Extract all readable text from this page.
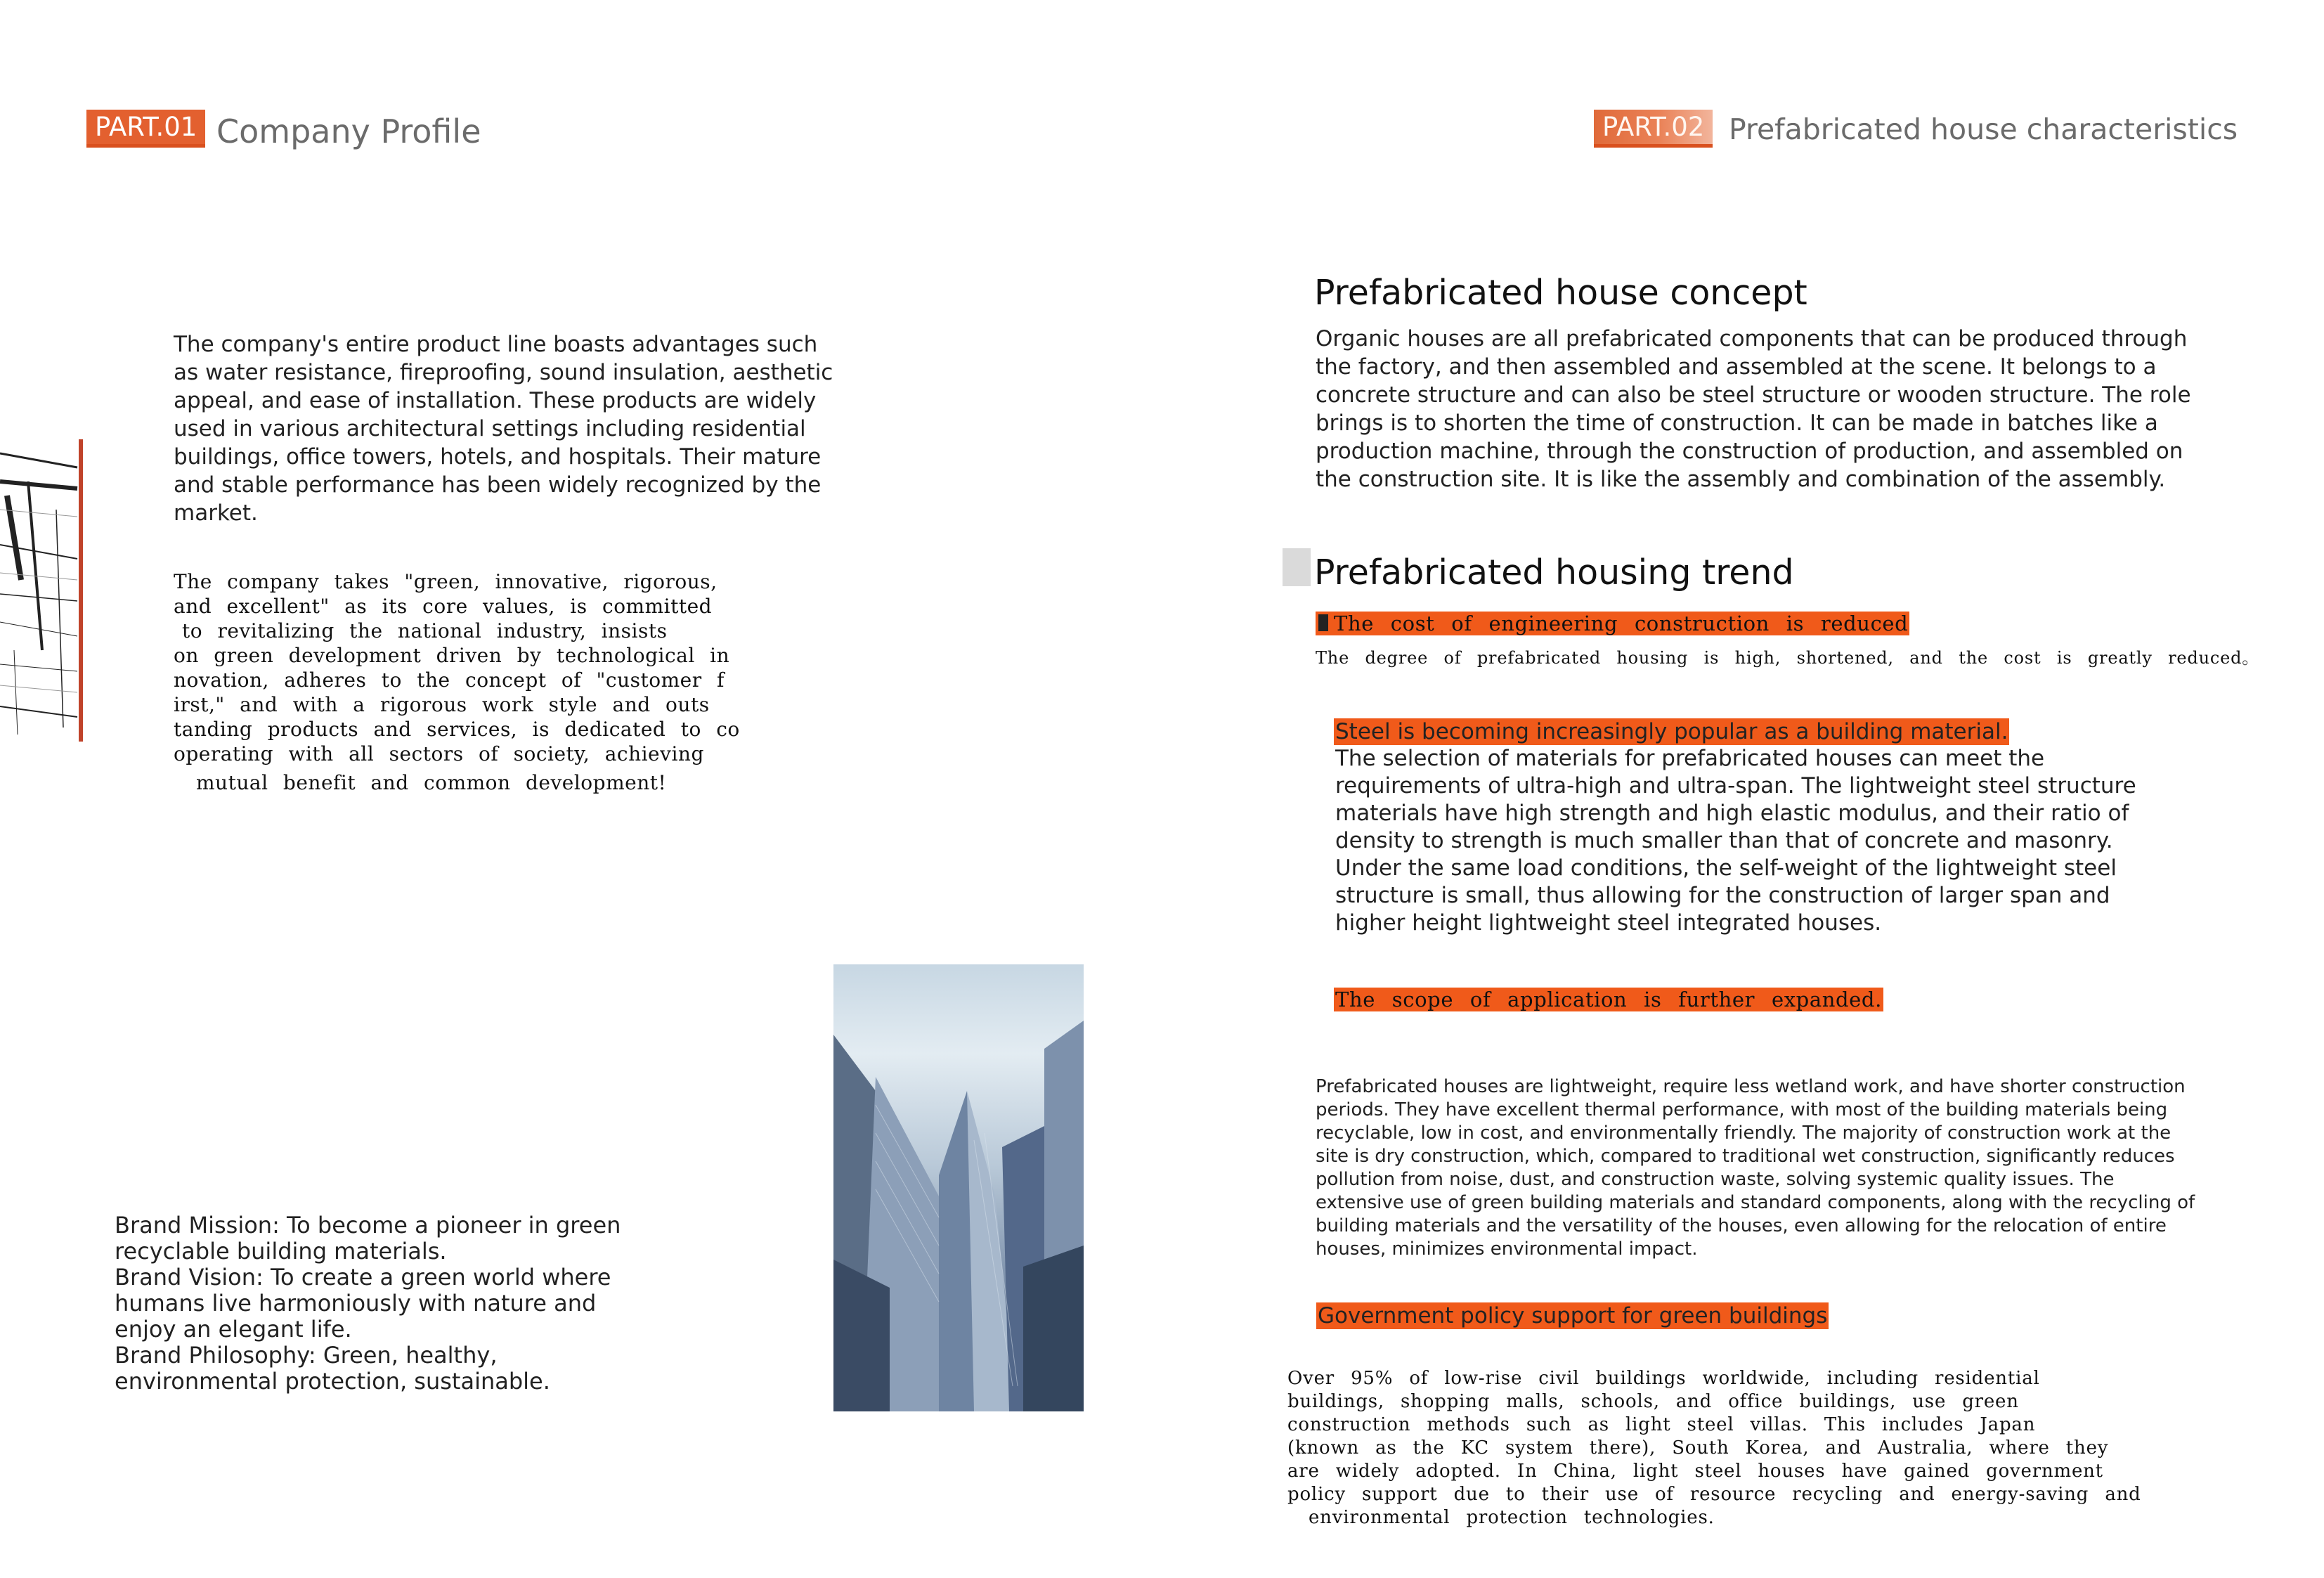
PART.01 Company Profile
The company's entire product line boasts advantages such as water resistance, fireproofing, sound insulation, aesthetic appeal, and ease of installation. These products are widely used in various architectural settings including residential buildings, office towers, hotels, and hospitals. Their mature and stable performance has been widely recognized by the market.
The company takes "green, innovative, rigorous,
and excellent" as its core values, is committed
to revitalizing the national industry, insists
on green development driven by technological in
novation, adheres to the concept of "customer f
irst," and with a rigorous work style and outs
tanding products and services, is dedicated to co
operating with all sectors of society, achieving
mutual benefit and common development!
Brand Mission: To become a pioneer in green recyclable building materials.
Brand Vision: To create a green world where humans live harmoniously with nature and enjoy an elegant life.
Brand Philosophy: Green, healthy, environmental protection, sustainable.
PART.02 Prefabricated house characteristics
Prefabricated house concept
Organic houses are all prefabricated components that can be produced through the factory, and then assembled and assembled at the scene. It belongs to a concrete structure and can also be steel structure or wooden structure. The role brings is to shorten the time of construction. It can be made in batches like a production machine, through the construction of production, and assembled on the construction site. It is like the assembly and combination of the assembly.
Prefabricated housing trend
The cost of engineering construction is reduced
The degree of prefabricated housing is high, shortened, and the cost is greatly reduced。
Steel is becoming increasingly popular as a building material.
The selection of materials for prefabricated houses can meet the requirements of ultra-high and ultra-span. The lightweight steel structure materials have high strength and high elastic modulus, and their ratio of density to strength is much smaller than that of concrete and masonry. Under the same load conditions, the self-weight of the lightweight steel structure is small, thus allowing for the construction of larger span and higher height lightweight steel integrated houses.
The scope of application is further expanded.
Prefabricated houses are lightweight, require less wetland work, and have shorter construction periods. They have excellent thermal performance, with most of the building materials being recyclable, low in cost, and environmentally friendly. The majority of construction work at the site is dry construction, which, compared to traditional wet construction, significantly reduces pollution from noise, dust, and construction waste, solving systemic quality issues. The extensive use of green building materials and standard components, along with the recycling of building materials and the versatility of the houses, even allowing for the relocation of entire houses, minimizes environmental impact.
Government policy support for green buildings
Over 95% of low-rise civil buildings worldwide, including residential
buildings, shopping malls, schools, and office buildings, use green
construction methods such as light steel villas. This includes Japan
(known as the KC system there), South Korea, and Australia, where they
are widely adopted. In China, light steel houses have gained government
policy support due to their use of resource recycling and energy-saving and
environmental protection technologies.
